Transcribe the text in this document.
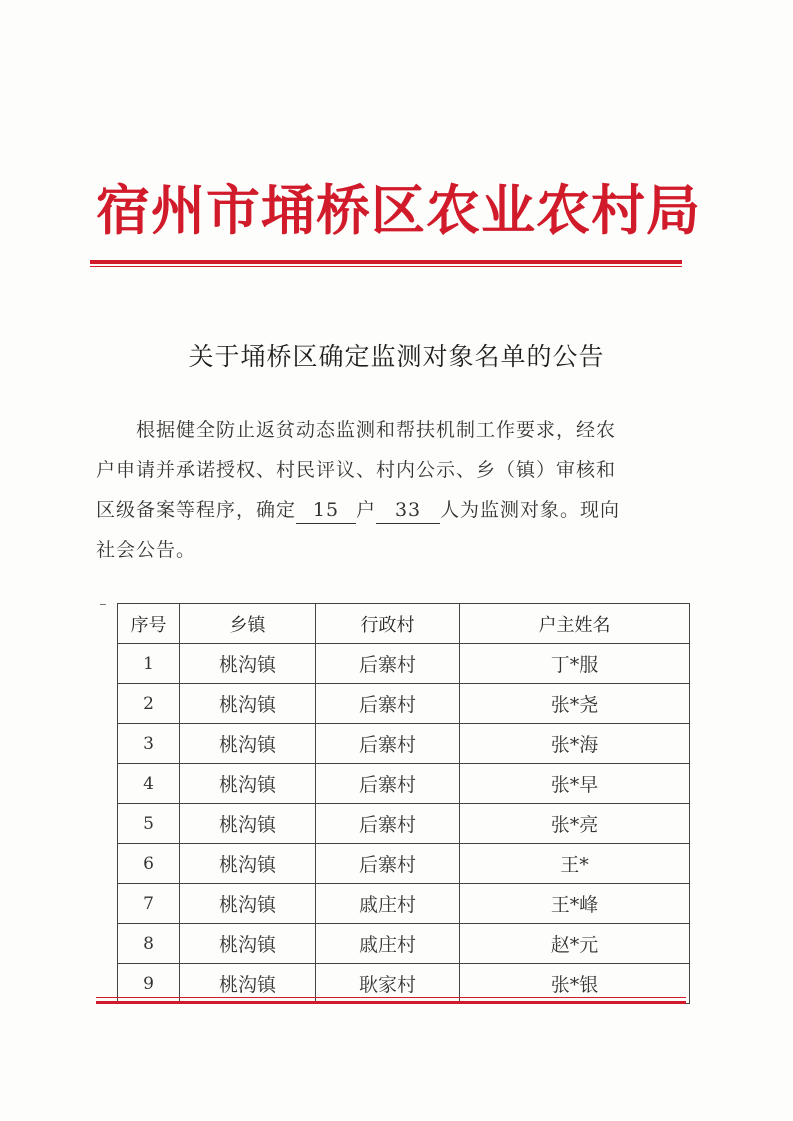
宿州市埇桥区农业农村局
关于埇桥区确定监测对象名单的公告
根据健全防止返贫动态监测和帮扶机制工作要求，经农
户申请并承诺授权、村民评议、村内公示、乡（镇）审核和
区级备案等程序，确定 15 户 33 人为监测对象。现向
社会公告。
序号	乡镇	行政村	户主姓名
1	桃沟镇	后寨村	丁*服
2	桃沟镇	后寨村	张*尧
3	桃沟镇	后寨村	张*海
4	桃沟镇	后寨村	张*早
5	桃沟镇	后寨村	张*亮
6	桃沟镇	后寨村	王*
7	桃沟镇	戚庄村	王*峰
8	桃沟镇	戚庄村	赵*元
9	桃沟镇	耿家村	张*银
